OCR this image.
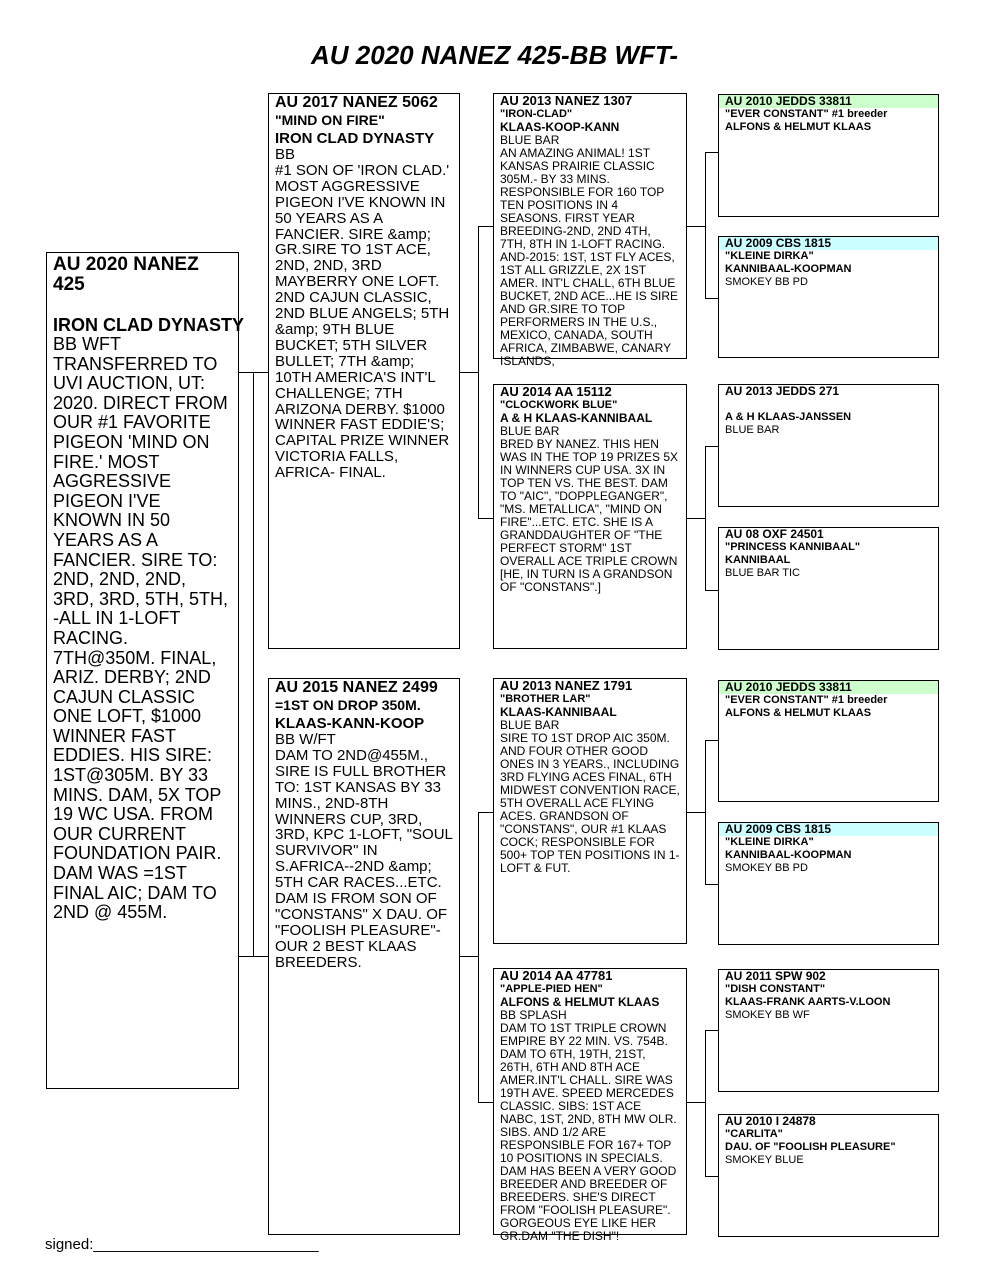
AU 2020 NANEZ 425-BB WFT-
AU 2020 NANEZ 425
IRON CLAD DYNASTY
BB WFT
TRANSFERRED TO UVI AUCTION, UT: 2020. DIRECT FROM OUR #1 FAVORITE PIGEON 'MIND ON FIRE.' MOST AGGRESSIVE PIGEON I'VE KNOWN IN 50 YEARS AS A FANCIER. SIRE TO: 2ND, 2ND, 2ND, 3RD, 3RD, 5TH, 5TH, -ALL IN 1-LOFT RACING. 7TH@350M. FINAL, ARIZ. DERBY; 2ND CAJUN CLASSIC ONE LOFT, $1000 WINNER FAST EDDIES. HIS SIRE: 1ST@305M. BY 33 MINS. DAM, 5X TOP 19 WC USA. FROM OUR CURRENT FOUNDATION PAIR. DAM WAS =1ST FINAL AIC; DAM TO 2ND @ 455M.
AU 2017 NANEZ 5062
"MIND ON FIRE"
IRON CLAD DYNASTY
BB
#1 SON OF 'IRON CLAD.' MOST AGGRESSIVE PIGEON I'VE KNOWN IN 50 YEARS AS A FANCIER. SIRE &amp; GR.SIRE TO 1ST ACE, 2ND, 2ND, 3RD MAYBERRY ONE LOFT. 2ND CAJUN CLASSIC, 2ND BLUE ANGELS; 5TH &amp; 9TH BLUE BUCKET; 5TH SILVER BULLET; 7TH &amp; 10TH AMERICA'S INT'L CHALLENGE; 7TH ARIZONA DERBY. $1000 WINNER FAST EDDIE'S; CAPITAL PRIZE WINNER VICTORIA FALLS, AFRICA- FINAL.
AU 2015 NANEZ 2499
=1ST ON DROP 350M.
KLAAS-KANN-KOOP
BB W/FT
DAM TO 2ND@455M., SIRE IS FULL BROTHER TO: 1ST KANSAS BY 33 MINS., 2ND-8TH WINNERS CUP, 3RD, 3RD, KPC 1-LOFT, "SOUL SURVIVOR" IN S.AFRICA--2ND &amp; 5TH CAR RACES...ETC. DAM IS FROM SON OF "CONSTANS" X DAU. OF "FOOLISH PLEASURE"- OUR 2 BEST KLAAS BREEDERS.
AU 2013 NANEZ 1307
"IRON-CLAD"
KLAAS-KOOP-KANN
BLUE BAR
AN AMAZING ANIMAL! 1ST KANSAS PRAIRIE CLASSIC 305M.- BY 33 MINS. RESPONSIBLE FOR 160 TOP TEN POSITIONS IN 4 SEASONS. FIRST YEAR BREEDING-2ND, 2ND 4TH, 7TH, 8TH IN 1-LOFT RACING. AND-2015: 1ST, 1ST FLY ACES, 1ST ALL GRIZZLE, 2X 1ST AMER. INT'L CHALL, 6TH BLUE BUCKET, 2ND ACE...HE IS SIRE AND GR.SIRE TO TOP PERFORMERS IN THE U.S., MEXICO, CANADA, SOUTH AFRICA, ZIMBABWE, CANARY ISLANDS,
AU 2014 AA 15112
"CLOCKWORK BLUE"
A & H KLAAS-KANNIBAAL
BLUE BAR
BRED BY NANEZ. THIS HEN WAS IN THE TOP 19 PRIZES 5X IN WINNERS CUP USA. 3X IN TOP TEN VS. THE BEST. DAM TO "AIC", "DOPPLEGANGER", "MS. METALLICA", "MIND ON FIRE"...ETC. ETC. SHE IS A GRANDDAUGHTER OF "THE PERFECT STORM" 1ST OVERALL ACE TRIPLE CROWN [HE, IN TURN IS A GRANDSON OF "CONSTANS".]
AU 2013 NANEZ 1791
"BROTHER LAR"
KLAAS-KANNIBAAL
BLUE BAR
SIRE TO 1ST DROP AIC 350M. AND FOUR OTHER GOOD ONES IN 3 YEARS., INCLUDING 3RD FLYING ACES FINAL, 6TH MIDWEST CONVENTION RACE, 5TH OVERALL ACE FLYING ACES. GRANDSON OF "CONSTANS", OUR #1 KLAAS COCK; RESPONSIBLE FOR 500+ TOP TEN POSITIONS IN 1-LOFT & FUT.
AU 2014 AA 47781
"APPLE-PIED HEN"
ALFONS & HELMUT KLAAS
BB SPLASH
DAM TO 1ST TRIPLE CROWN EMPIRE BY 22 MIN. VS. 754B. DAM TO 6TH, 19TH, 21ST, 26TH, 6TH AND 8TH ACE AMER.INT'L CHALL. SIRE WAS 19TH AVE. SPEED MERCEDES CLASSIC. SIBS: 1ST ACE NABC, 1ST, 2ND, 8TH MW OLR. SIBS. AND 1/2 ARE RESPONSIBLE FOR 167+ TOP 10 POSITIONS IN SPECIALS. DAM HAS BEEN A VERY GOOD BREEDER AND BREEDER OF BREEDERS. SHE'S DIRECT FROM "FOOLISH PLEASURE". GORGEOUS EYE LIKE HER GR.DAM "THE DISH"!
AU 2010 JEDDS 33811
"EVER CONSTANT" #1 breeder
ALFONS & HELMUT KLAAS
AU 2009 CBS 1815
"KLEINE DIRKA"
KANNIBAAL-KOOPMAN
SMOKEY BB PD
AU 2013 JEDDS 271
A & H KLAAS-JANSSEN
BLUE BAR
AU 08 OXF 24501
"PRINCESS KANNIBAAL"
KANNIBAAL
BLUE BAR TIC
AU 2010 JEDDS 33811
"EVER CONSTANT" #1 breeder
ALFONS & HELMUT KLAAS
AU 2009 CBS 1815
"KLEINE DIRKA"
KANNIBAAL-KOOPMAN
SMOKEY BB PD
AU 2011 SPW 902
"DISH CONSTANT"
KLAAS-FRANK AARTS-V.LOON
SMOKEY BB WF
AU 2010 I 24878
"CARLITA"
DAU. OF "FOOLISH PLEASURE"
SMOKEY BLUE
signed:___________________________
